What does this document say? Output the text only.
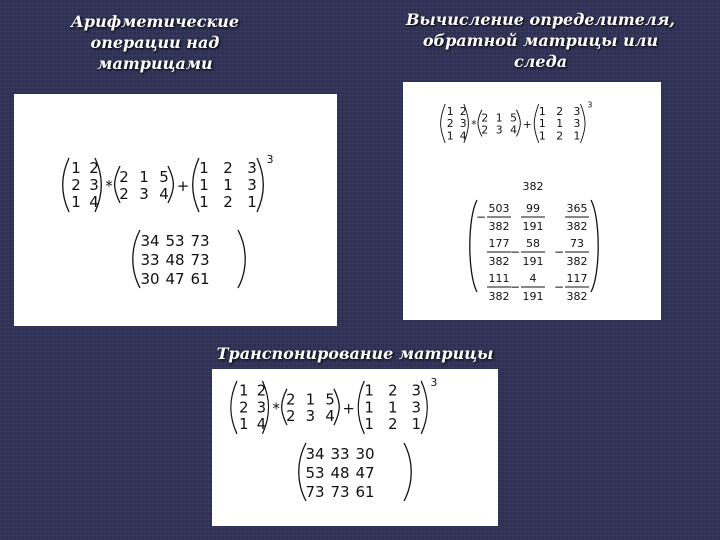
Арифметические
операции над
матрицами
Вычисление определителя,
обратной матрицы или
следа
Транспонирование матрицы
1 2
2 3
1 4
* 2 1 5
2 3 4 +
1 2 3
1 1 3
1 2 1
3
34 53 73
33 48 73
30 47 61
1 2
2 3
1 4
* 2 1 5
2 3 4 +
1 2 3
1 1 3
1 2 1
3
382
−
503
382
99
191
365
382
177
382
−
58
191
−
73
382
111
382
−
4
191
−
117
382
1 2
2 3
1 4
*
2 1 5
2 3 4 +
1 2 3
1 1 3
1 2 1
3
34 33 30
53 48 47
73 73 61
